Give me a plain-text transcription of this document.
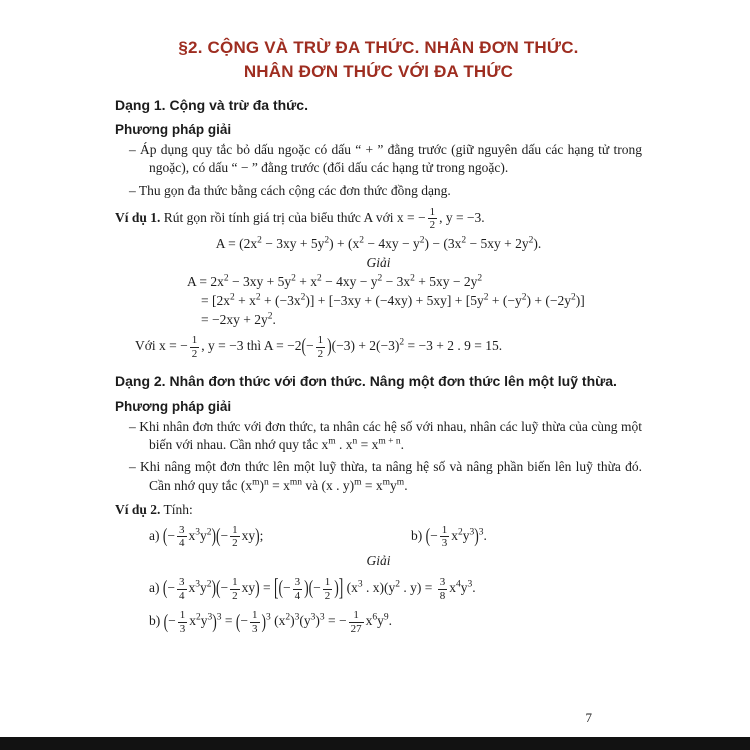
§2. CỘNG VÀ TRỪ ĐA THỨC. NHÂN ĐƠN THỨC.
NHÂN ĐƠN THỨC VỚI ĐA THỨC
Dạng 1. Cộng và trừ đa thức.
Phương pháp giải

– Áp dụng quy tắc bỏ dấu ngoặc có dấu “ + ” đằng trước (giữ nguyên dấu các hạng tử trong ngoặc), có dấu “ − ” đằng trước (đổi dấu các hạng tử trong ngoặc).

– Thu gọn đa thức bằng cách cộng các đơn thức đồng dạng.

Ví dụ 1. Rút gọn rồi tính giá trị của biểu thức A với x = − $\frac{1}{2}$ , y = −3.

$A = (2x^2 - 3xy + 5y^2) + (x^2 - 4xy - y^2) - (3x^2 - 5xy + 2y^2)$.

Giải

$A = 2x^2 - 3xy + 5y^2 + x^2 - 4xy - y^2 - 3x^2 + 5xy - 2y^2$

= $[2x^2 + x^2 + (-3x^2)] + [-3xy + (-4xy) + 5xy] + [5y^2 + (-y^2) + (-2y^2)]$

= $-2xy + 2y^2$.

Với x = − $\frac{1}{2}$ , y = −3 thì $A = -2(- \frac{1}{2} )(-3) + 2(-3)^2 = -3 + 2$ . 9 = 15.

Dạng 2. Nhân đơn thức với đơn thức. Nâng một đơn thức lên một luỹ thừa.
Phương pháp giải

– Khi nhân đơn thức với đơn thức, ta nhân các hệ số với nhau, nhân các luỹ thừa của cùng một biến với nhau. Cần nhớ quy tắc $x^m$ . $x^n = x^{m + n}$.

– Khi nâng một đơn thức lên một luỹ thừa, ta nâng hệ số và nâng phần biến lên luỹ thừa đó. Cần nhớ quy tắc $(x^m)^n = x^{mn}$ và (x . $y)^m = x^my^m$.

Ví dụ 2. Tính:

a) (− $\frac{3}{4} x^3y^2)(- \frac{1}{2} xy)$;	b) (− $\frac{1}{3} x^2y^3)^3$.

Giải

a) (− $\frac{3}{4} x^3y^2)(- \frac{1}{2} xy)$ = [(− $\frac{3}{4}$ )(− $\frac{1}{2}$ )] ($x^3$ . $x)(y^2$ . $y) = \frac{3}{8} x^4y^3$.

b) (− $\frac{1}{3} x^2y^3)^3$ = (− $\frac{1}{3} )^3$ $(x^2)^3(y^3)^3$ = − $\frac{1}{27} x^6y^9$.

7
